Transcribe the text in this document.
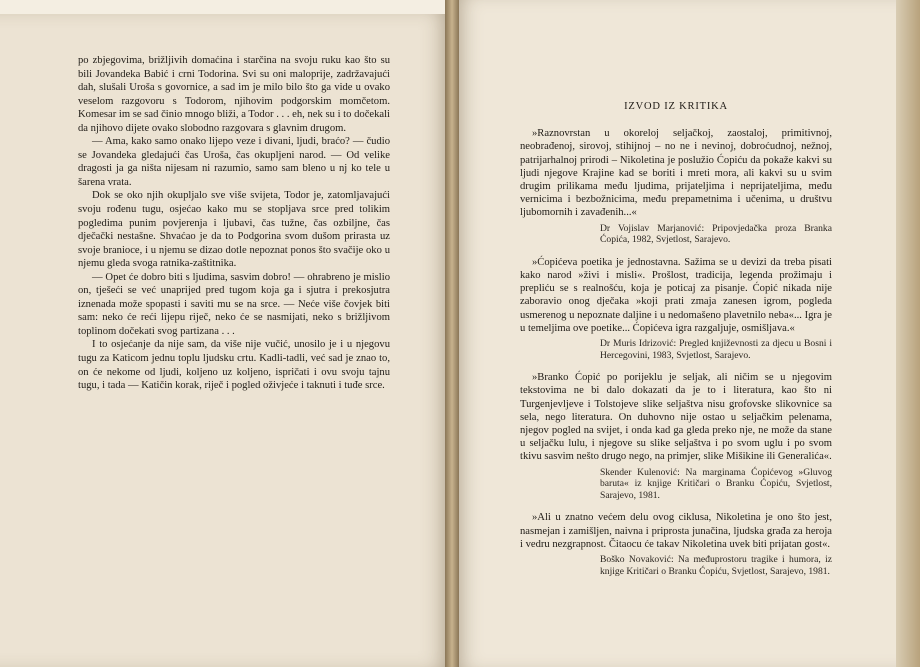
po zbjegovima, brižljivih domaćina i starčina na svoju ruku kao što su bili Jovandeka Babić i crni Todorina. Svi su oni maloprije, zadržavajući dah, slušali Uroša s govornice, a sad im je milo bilo što ga vide u ovako veselom razgovoru s Todorom, njihovim podgorskim momčetom. Komesar im se sad činio mnogo bliži, a Todor . . . eh, nek su i to dočekali da njihovo dijete ovako slobodno razgovara s glavnim drugom.

— Ama, kako samo onako lijepo veze i divani, ljudi, braćo? — čudio se Jovandeka gledajući čas Uroša, čas okupljeni narod. — Od velike dragosti ja ga ništa nijesam ni razumio, samo sam bleno u nj ko tele u šarena vrata.

Dok se oko njih okupljalo sve više svijeta, Todor je, zatomljavajući svoju rođenu tugu, osjećao kako mu se stopljava srce pred tolikim pogledima punim povjerenja i ljubavi, čas tužne, čas ozbiljne, čas dječački nestašne. Shvaćao je da to Podgorina svom dušom prirasta uz svoje branioce, i u njemu se dizao dotle nepoznat ponos što svačije oko u njemu gleda svoga ratnika-zaštitnika.

— Opet će dobro biti s ljudima, sasvim dobro! — ohrabreno je mislio on, tješeći se već unaprijed pred tugom koja ga i sjutra i prekosjutra iznenada može spopasti i saviti mu se na srce. — Neće više čovjek biti sam: neko će reći lijepu riječ, neko će se nasmijati, neko s brižljivom toplinom dočekati svog partizana . . .

I to osjećanje da nije sam, da više nije vučić, unosilo je i u njegovu tugu za Katicom jednu toplu ljudsku crtu. Kadli-tadli, već sad je znao to, on će nekome od ljudi, koljeno uz koljeno, ispričati i ovu svoju tajnu tugu, i tada — Katičin korak, riječ i pogled oživjeće i taknuti i tuđe srce.

IZVOD IZ KRITIKA

»Raznovrstan u okoreloj seljačkoj, zaostaloj, primitivnoj, neobrađenoj, sirovoj, stihijnoj – no ne i nevinoj, dobroćudnoj, nežnoj, patrijarhalnoj prirodi – Nikoletina je poslužio Ćopiću da pokaže kakvi su ljudi njegove Krajine kad se boriti i mreti mora, ali kakvi su u svim drugim prilikama među ljudima, prijateljima i neprijateljima, među vernicima i bezbožnicima, među prepametnima i učenima, u društvu ljubomornih i zavađenih...«

Dr Vojislav Marjanović: Pripovjedačka proza Branka Ćopića, 1982, Svjetlost, Sarajevo.

»Ćopićeva poetika je jednostavna. Sažima se u devizi da treba pisati kako narod »živi i misli«. Prošlost, tradicija, legenda prožimaju i prepliću se s realnošću, koja je poticaj za pisanje. Ćopić nikada nije zaboravio onog dječaka »koji prati zmaja zanesen igrom, pogleda usmerenog u nepoznate daljine i u nedomašeno plavetnilo neba«... Igra je u temeljima ove poetike... Ćopićeva igra razgaljuje, osmišljava.«

Dr Muris Idrizović: Pregled književnosti za djecu u Bosni i Hercegovini, 1983, Svjetlost, Sarajevo.

»Branko Ćopić po porijeklu je seljak, ali ničim se u njegovim tekstovima ne bi dalo dokazati da je to i literatura, kao što ni Turgenjevljeve i Tolstojeve slike seljaštva nisu grofovske slikovnice sa sela, nego literatura. On duhovno nije ostao u seljačkim pelenama, njegov pogled na svijet, i onda kad ga gleda preko nje, ne može da stane u seljačku lulu, i njegove su slike seljaštva i po svom uglu i po svom tkivu sasvim nešto drugo nego, na primjer, slike Mišikine ili Generalića«.

Skender Kulenović: Na marginama Ćopićevog »Gluvog baruta« iz knjige Kritičari o Branku Ćopiću, Svjetlost, Sarajevo, 1981.

»Ali u znatno većem delu ovog ciklusa, Nikoletina je ono što jest, nasmejan i zamišljen, naivna i priprosta junačina, ljudska građa za heroja i vedru nezgrapnost. Čitaocu će takav Nikoletina uvek biti prijatan gost«.

Boško Novaković: Na međuprostoru tragike i humora, iz knjige Kritičari o Branku Ćopiću, Svjetlost, Sarajevo, 1981.
